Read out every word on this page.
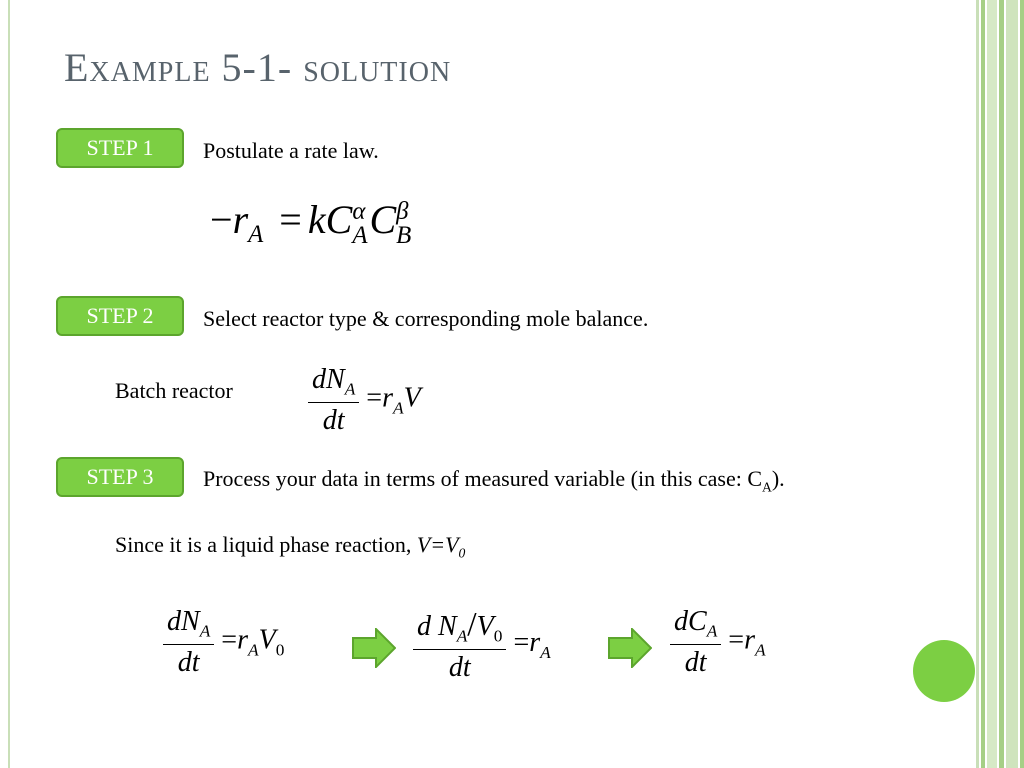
Example 5-1- solution
STEP 1 Postulate a rate law.
$-r_A$ = kC α
A C β
B
STEP 2 Select reactor type & corresponding mole balance.
Batch reactor	$\frac{dN_A}{dt} =r_AV$
STEP 3 Process your data in terms of measured variable (in this case: $C_A$).
Since it is a liquid phase reaction, $V=V_0$
$\frac{dN_A}{dt} =r_AV_0$	$\frac{d N_A/V_0}{dt} =r_A$	$\frac{dC_A}{dt} =r_A$
